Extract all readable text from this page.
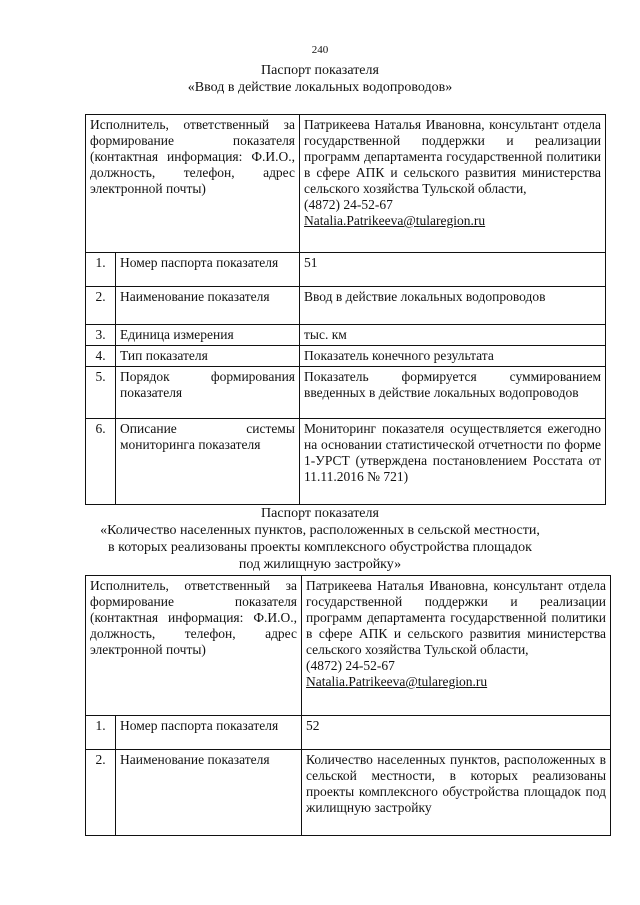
240
Паспорт показателя
«Ввод в действие локальных водопроводов»
Исполнитель, ответственный за формирование показателя (контактная информация: Ф.И.О., должность, телефон, адрес электронной почты)		Патрикеева Наталья Ивановна, консультант отдела государственной поддержки и реализации программ департамента государственной политики в сфере АПК и сельского развития министерства сельского хозяйства Тульской области,
(4872) 24-52-67
Natalia.Patrikeeva@tularegion.ru
1.	Номер паспорта показателя	51
2.	Наименование показателя	Ввод в действие локальных водопроводов
3.	Единица измерения	тыс. км
4.	Тип показателя	Показатель конечного результата
5.	Порядок формирования показателя	Показатель формируется суммированием введенных в действие локальных водопроводов
6.	Описание системы мониторинга показателя	Мониторинг показателя осуществляется ежегодно на основании статистической отчетности по форме 1-УРСТ (утверждена постановлением Росстата от 11.11.2016 № 721)
Паспорт показателя
«Количество населенных пунктов, расположенных в сельской местности,
в которых реализованы проекты комплексного обустройства площадок
под жилищную застройку»
Исполнитель, ответственный за формирование показателя (контактная информация: Ф.И.О., должность, телефон, адрес электронной почты)		Патрикеева Наталья Ивановна, консультант отдела государственной поддержки и реализации программ департамента государственной политики в сфере АПК и сельского развития министерства сельского хозяйства Тульской области,
(4872) 24-52-67
Natalia.Patrikeeva@tularegion.ru
1.	Номер паспорта показателя	52
2.	Наименование показателя	Количество населенных пунктов, расположенных в сельской местности, в которых реализованы проекты комплексного обустройства площадок под жилищную застройку
